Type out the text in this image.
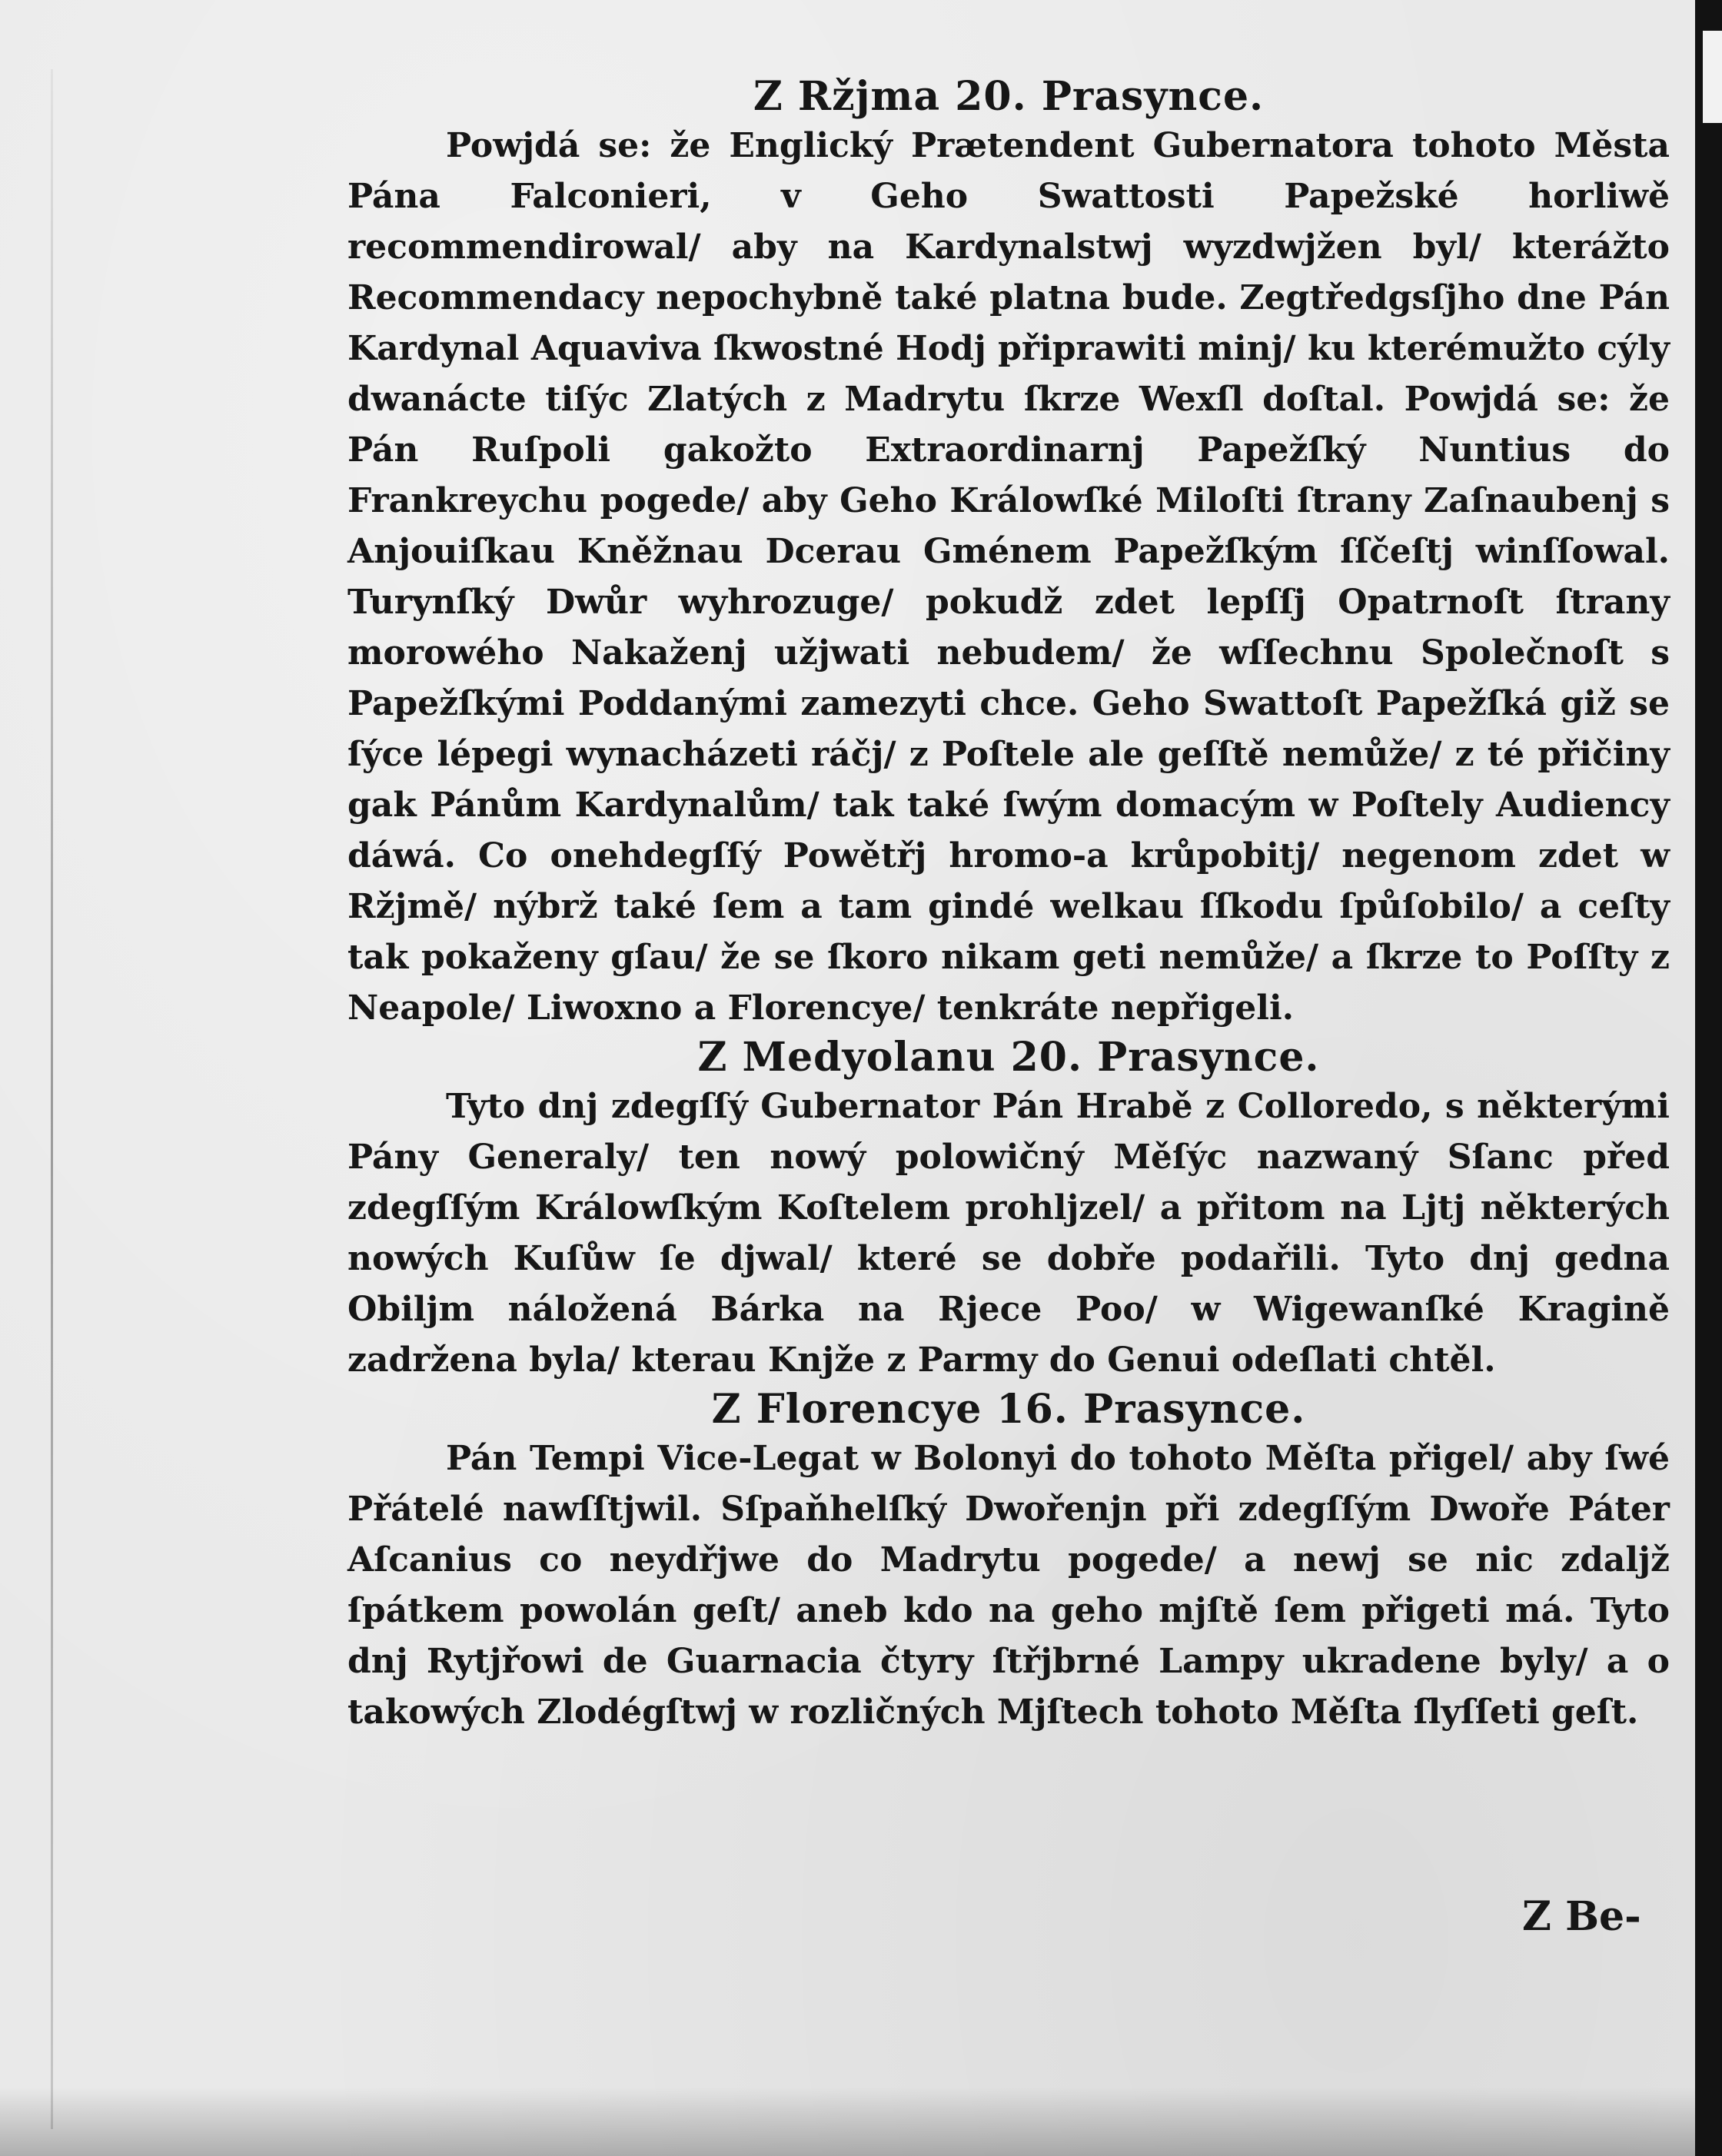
Z Ržjma 20. Prasynce.

Powjdá se: že Englický Prætendent Gubernatora tohoto Města Pána Falconieri, v Geho Swattosti Papežské horliwě recommendirowal/ aby na Kardynalstwj wyzdwjžen byl/ kterážto Recommendacy nepochybně také platna bude. Zegtředgsſjho dne Pán Kardynal Aquaviva ſkwostné Hodj připrawiti minj/ ku kterémužto cýly dwanácte tiſýc Zlatých z Madrytu ſkrze Wexſl doſtal. Powjdá se: že Pán Ruſpoli gakožto Extraordinarnj Papežſký Nuntius do Frankreychu pogede/ aby Geho Králowſké Miloſti ſtrany Zaſnaubenj s Anjouiſkau Kněžnau Dcerau Gménem Papežſkým ſſčeſtj winſſowal. Turynſký Dwůr wyhrozuge/ pokudž zdet lepſſj Opatrnoſt ſtrany morowého Nakaženj užjwati nebudem/ že wſſechnu Společnoſt s Papežſkými Poddanými zamezyti chce. Geho Swattoſt Papežſká giž se ſýce lépegi wynacházeti ráčj/ z Poſtele ale geſſtě nemůže/ z té přičiny gak Pánům Kardynalům/ tak také ſwým domacým w Poſtely Audiency dáwá. Co onehdegſſý Powětřj hromo-a krůpobitj/ negenom zdet w Ržjmě/ nýbrž také ſem a tam gindé welkau ſſkodu ſpůſobilo/ a ceſty tak pokaženy gſau/ že se ſkoro nikam geti nemůže/ a ſkrze to Poſſty z Neapole/ Liwoxno a Florencye/ tenkráte nepřigeli.

Z Medyolanu 20. Prasynce.

Tyto dnj zdegſſý Gubernator Pán Hrabě z Colloredo, s některými Pány Generaly/ ten nowý polowičný Měſýc nazwaný Sſanc před zdegſſým Králowſkým Koſtelem prohljzel/ a přitom na Ljtj některých nowých Kuſůw ſe djwal/ které se dobře podařili. Tyto dnj gedna Obiljm náložená Bárka na Rjece Poo/ w Wigewanſké Kragině zadržena byla/ kterau Knjže z Parmy do Genui odeſlati chtěl.

Z Florencye 16. Prasynce.

Pán Tempi Vice-Legat w Bolonyi do tohoto Měſta přigel/ aby ſwé Přátelé nawſſtjwil. Sſpaňhelſký Dwořenjn při zdegſſým Dwoře Páter Aſcanius co neydřjwe do Madrytu pogede/ a newj se nic zdaljž ſpátkem powolán geſt/ aneb kdo na geho mjſtě ſem přigeti má. Tyto dnj Rytjřowi de Guarnacia čtyry ſtřjbrné Lampy ukradene byly/ a o takowých Zlodégſtwj w rozličných Mjſtech tohoto Měſta ſlyſſeti geſt.

Z Be-
